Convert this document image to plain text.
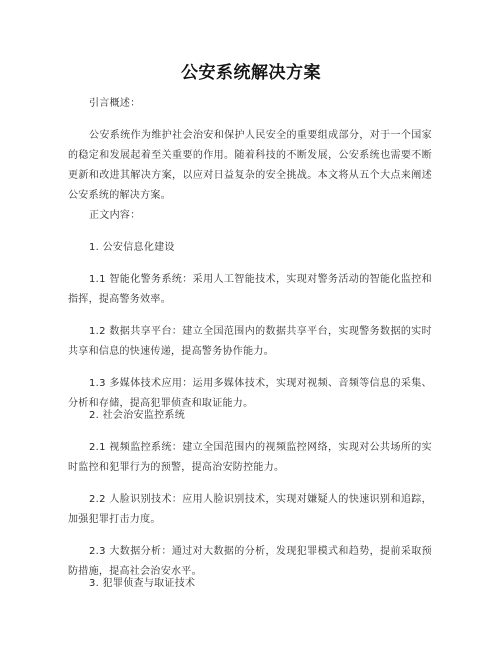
公安系统解决方案

引言概述：

公安系统作为维护社会治安和保护人民安全的重要组成部分，对于一个国家的稳定和发展起着至关重要的作用。随着科技的不断发展，公安系统也需要不断更新和改进其解决方案，以应对日益复杂的安全挑战。本文将从五个大点来阐述公安系统的解决方案。

正文内容：

1. 公安信息化建设

1.1 智能化警务系统：采用人工智能技术，实现对警务活动的智能化监控和指挥，提高警务效率。

1.2 数据共享平台：建立全国范围内的数据共享平台，实现警务数据的实时共享和信息的快速传递，提高警务协作能力。

1.3 多媒体技术应用：运用多媒体技术，实现对视频、音频等信息的采集、分析和存储，提高犯罪侦查和取证能力。

2. 社会治安监控系统

2.1 视频监控系统：建立全国范围内的视频监控网络，实现对公共场所的实时监控和犯罪行为的预警，提高治安防控能力。

2.2 人脸识别技术：应用人脸识别技术，实现对嫌疑人的快速识别和追踪，加强犯罪打击力度。

2.3 大数据分析：通过对大数据的分析，发现犯罪模式和趋势，提前采取预防措施，提高社会治安水平。

3. 犯罪侦查与取证技术
